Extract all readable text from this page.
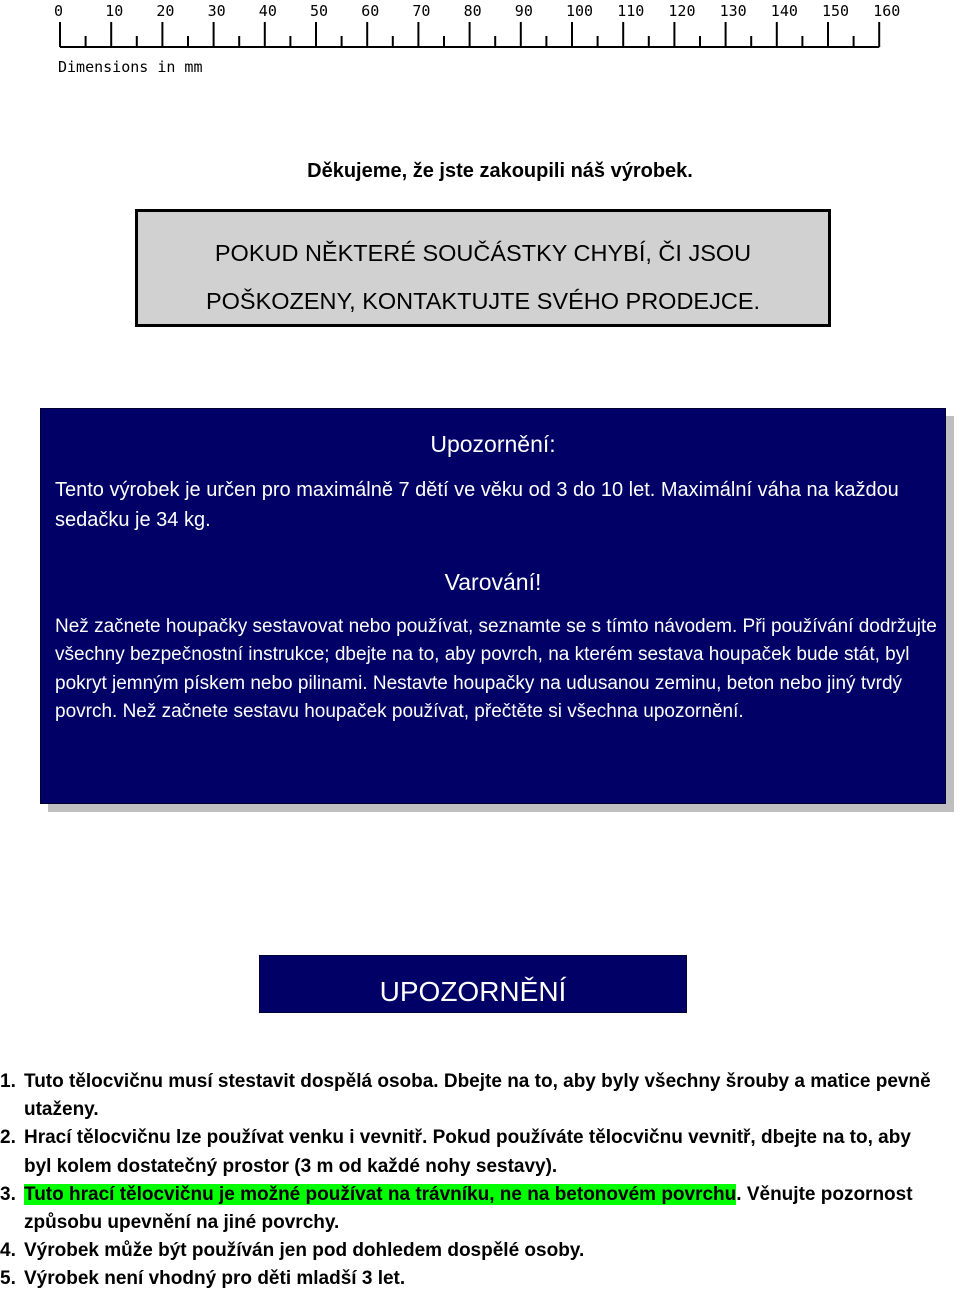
0	10 20 30 40 50 60 70 80 90 100 110 120 130 140 150 160
Dimensions in mm
Děkujeme, že jste zakoupili náš výrobek.
POKUD NĚKTERÉ SOUČÁSTKY CHYBÍ, ČI JSOU
POŠKOZENY, KONTAKTUJTE SVÉHO PRODEJCE.
Upozornění:
Tento výrobek je určen pro maximálně 7 dětí ve věku od 3 do 10 let. Maximální váha na každou sedačku je 34 kg.
Varování!
Než začnete houpačky sestavovat nebo používat, seznamte se s tímto návodem. Při používání dodržujte všechny bezpečnostní instrukce; dbejte na to, aby povrch, na kterém sestava houpaček bude stát, byl pokryt jemným pískem nebo pilinami. Nestavte houpačky na udusanou zeminu, beton nebo jiný tvrdý povrch. Než začnete sestavu houpaček používat, přečtěte si všechna upozornění.
UPOZORNĚNÍ
1. Tuto tělocvičnu musí stestavit dospělá osoba. Dbejte na to, aby byly všechny šrouby a matice pevně utaženy.
2. Hrací tělocvičnu lze používat venku i vevnitř. Pokud používáte tělocvičnu vevnitř, dbejte na to, aby byl kolem dostatečný prostor (3 m od každé nohy sestavy).
3. Tuto hrací tělocvičnu je možné používat na trávníku, ne na betonovém povrchu. Věnujte pozornost způsobu upevnění na jiné povrchy.
4. Výrobek může být používán jen pod dohledem dospělé osoby.
5. Výrobek není vhodný pro děti mladší 3 let.
